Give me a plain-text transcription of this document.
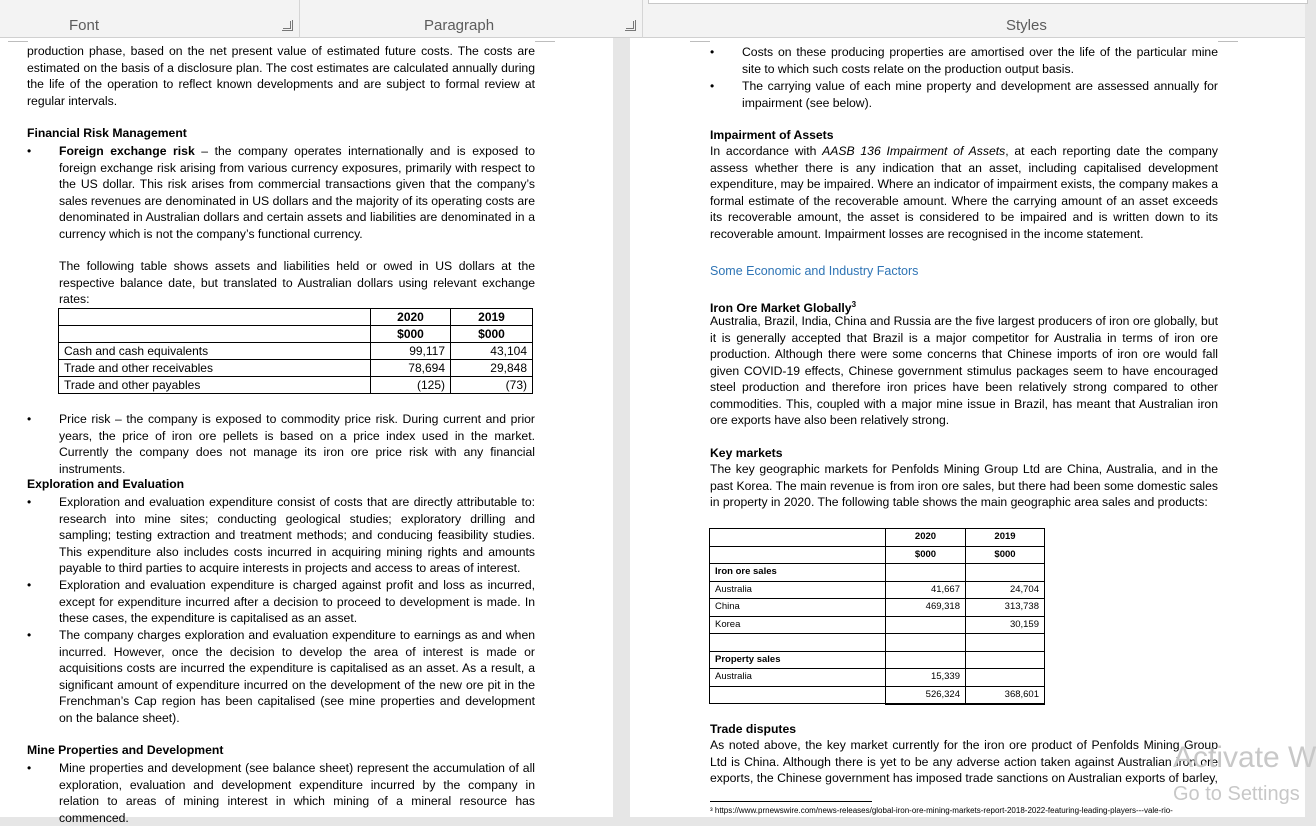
Font	Paragraph	Styles

production phase, based on the net present value of estimated future costs. The costs are estimated on the basis of a disclosure plan. The cost estimates are calculated annually during the life of the operation to reflect known developments and are subject to formal review at regular intervals.

Financial Risk Management

• Foreign exchange risk – the company operates internationally and is exposed to foreign exchange risk arising from various currency exposures, primarily with respect to the US dollar. This risk arises from commercial transactions given that the company’s sales revenues are denominated in US dollars and the majority of its operating costs are denominated in Australian dollars and certain assets and liabilities are denominated in a currency which is not the company’s functional currency.

The following table shows assets and liabilities held or owed in US dollars at the respective balance date, but translated to Australian dollars using relevant exchange rates:

	2020	2019
	$000	$000
Cash and cash equivalents	99,117	43,104
Trade and other receivables	78,694	29,848
Trade and other payables	(125)	(73)
• Price risk – the company is exposed to commodity price risk. During current and prior years, the price of iron ore pellets is based on a price index used in the market. Currently the company does not manage its iron ore price risk with any financial instruments.

Exploration and Evaluation

• Exploration and evaluation expenditure consist of costs that are directly attributable to: research into mine sites; conducting geological studies; exploratory drilling and sampling; testing extraction and treatment methods; and conducing feasibility studies. This expenditure also includes costs incurred in acquiring mining rights and amounts payable to third parties to acquire interests in projects and access to areas of interest.

• Exploration and evaluation expenditure is charged against profit and loss as incurred, except for expenditure incurred after a decision to proceed to development is made. In these cases, the expenditure is capitalised as an asset.

• The company charges exploration and evaluation expenditure to earnings as and when incurred. However, once the decision to develop the area of interest is made or acquisitions costs are incurred the expenditure is capitalised as an asset. As a result, a significant amount of expenditure incurred on the development of the new ore pit in the Frenchman’s Cap region has been capitalised (see mine properties and development on the balance sheet).

Mine Properties and Development

• Mine properties and development (see balance sheet) represent the accumulation of all exploration, evaluation and development expenditure incurred by the company in relation to areas of mining interest in which mining of a mineral resource has commenced.

• Costs on these producing properties are amortised over the life of the particular mine site to which such costs relate on the production output basis.

• The carrying value of each mine property and development are assessed annually for impairment (see below).

Impairment of Assets

In accordance with AASB 136 Impairment of Assets, at each reporting date the company assess whether there is any indication that an asset, including capitalised development expenditure, may be impaired. Where an indicator of impairment exists, the company makes a formal estimate of the recoverable amount. Where the carrying amount of an asset exceeds its recoverable amount, the asset is considered to be impaired and is written down to its recoverable amount. Impairment losses are recognised in the income statement.

Some Economic and Industry Factors

Iron Ore Market Globally$^3$

Australia, Brazil, India, China and Russia are the five largest producers of iron ore globally, but it is generally accepted that Brazil is a major competitor for Australia in terms of iron ore production. Although there were some concerns that Chinese imports of iron ore would fall given COVID-19 effects, Chinese government stimulus packages seem to have encouraged steel production and therefore iron prices have been relatively strong compared to other commodities. This, coupled with a major mine issue in Brazil, has meant that Australian iron ore exports have also been relatively strong.

Key markets

The key geographic markets for Penfolds Mining Group Ltd are China, Australia, and in the past Korea. The main revenue is from iron ore sales, but there had been some domestic sales in property in 2020. The following table shows the main geographic area sales and products:

	2020	2019
	$000	$000
Iron ore sales		
Australia	41,667	24,704
China	469,318	313,738
Korea		30,159

Property sales		
Australia	15,339	
	526,324	368,601

Trade disputes

As noted above, the key market currently for the iron ore product of Penfolds Mining Group Ltd is China. Although there is yet to be any adverse action taken against Australian iron ore exports, the Chinese government has imposed trade sanctions on Australian exports of barley,

³ https://www.prnewswire.com/news-releases/global-iron-ore-mining-markets-report-2018-2022-featuring-leading-players---vale-rio-

Activate W
Go to Settings
